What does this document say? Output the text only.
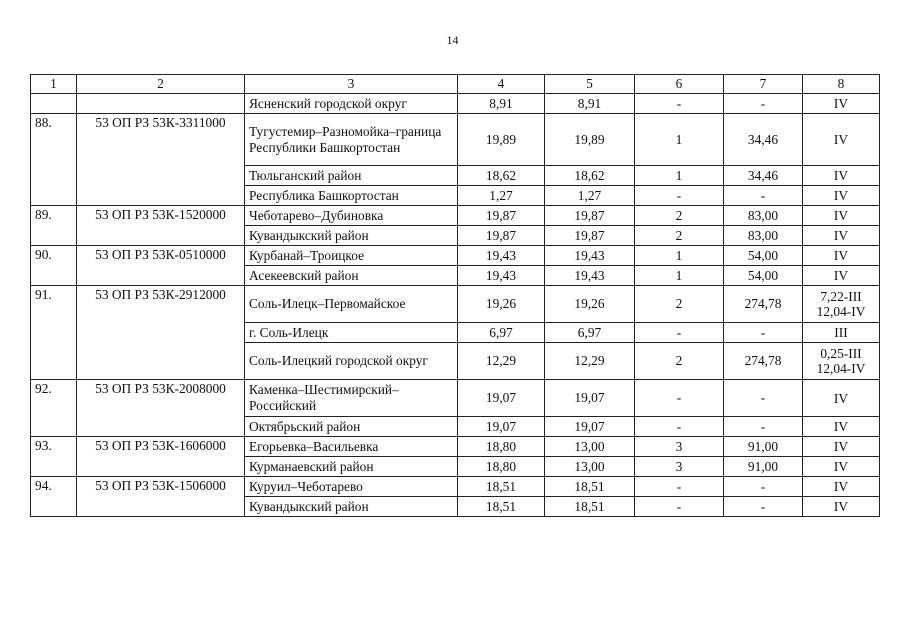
14
1	2	3	4	5	6	7	8
		Ясненский городской округ	8,91	8,91	-	-	IV
88.	53 ОП РЗ 53К-3311000	Тугустемир–Разномойка–граница Республики Башкортостан	19,89	19,89	1	34,46	IV
		Тюльганский район	18,62	18,62	1	34,46	IV
		Республика Башкортостан	1,27	1,27	-	-	IV
89.	53 ОП РЗ 53К-1520000	Чеботарево–Дубиновка	19,87	19,87	2	83,00	IV
		Кувандыкский район	19,87	19,87	2	83,00	IV
90.	53 ОП РЗ 53К-0510000	Курбанай–Троицкое	19,43	19,43	1	54,00	IV
		Асекеевский район	19,43	19,43	1	54,00	IV
91.	53 ОП РЗ 53К-2912000	Соль-Илецк–Первомайское	19,26	19,26	2	274,78	7,22-III
12,04-IV
		г. Соль-Илецк	6,97	6,97	-	-	III
		Соль-Илецкий городской округ	12,29	12,29	2	274,78	0,25-III
12,04-IV
92.	53 ОП РЗ 53К-2008000	Каменка–Шестимирский–Российский	19,07	19,07	-	-	IV
		Октябрьский район	19,07	19,07	-	-	IV
93.	53 ОП РЗ 53К-1606000	Егорьевка–Васильевка	18,80	13,00	3	91,00	IV
		Курманаевский район	18,80	13,00	3	91,00	IV
94.	53 ОП РЗ 53К-1506000	Куруил–Чеботарево	18,51	18,51	-	-	IV
		Кувандыкский район	18,51	18,51	-	-	IV
